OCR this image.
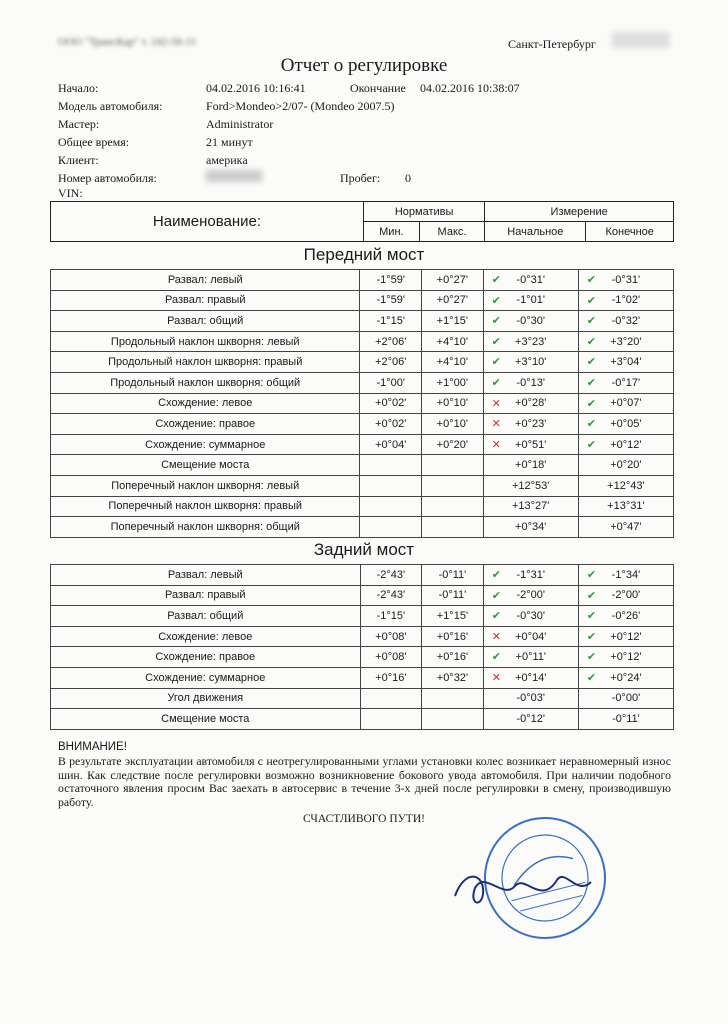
ООО "ТрансКар" т. 242-56-11	Санкт-Петербург
Отчет о регулировке
Начало:	04.02.2016 10:16:41	Окончание 04.02.2016 10:38:07
Модель автомобиля:	Ford>Mondeo>2/07- (Mondeo 2007.5)
Мастер:	Administrator
Общее время:	21 минут
Клиент:	америка
Номер автомобиля:	Пробег: 0
VIN:
Наименование:	Нормативы		Измерение	
	Мин.	Макс.	Начальное	Конечное
Передний мост
Развал: левый	-1°59'	+0°27'	✔ -0°31'	✔ -0°31'
Развал: правый	-1°59'	+0°27'	✔ -1°01'	✔ -1°02'
Развал: общий	-1°15'	+1°15'	✔ -0°30'	✔ -0°32'
Продольный наклон шкворня: левый	+2°06'	+4°10'	✔ +3°23'	✔ +3°20'
Продольный наклон шкворня: правый	+2°06'	+4°10'	✔ +3°10'	✔ +3°04'
Продольный наклон шкворня: общий	-1°00'	+1°00'	✔ -0°13'	✔ -0°17'
Схождение: левое	+0°02'	+0°10'	✕ +0°28'	✔ +0°07'
Схождение: правое	+0°02'	+0°10'	✕ +0°23'	✔ +0°05'
Схождение: суммарное	+0°04'	+0°20'	✕ +0°51'	✔ +0°12'
Смещение моста			+0°18'	+0°20'
Поперечный наклон шкворня: левый			+12°53'	+12°43'
Поперечный наклон шкворня: правый			+13°27'	+13°31'
Поперечный наклон шкворня: общий			+0°34'	+0°47'
Задний мост
Развал: левый	-2°43'	-0°11'	✔ -1°31'	✔ -1°34'
Развал: правый	-2°43'	-0°11'	✔ -2°00'	✔ -2°00'
Развал: общий	-1°15'	+1°15'	✔ -0°30'	✔ -0°26'
Схождение: левое	+0°08'	+0°16'	✕ +0°04'	✔ +0°12'
Схождение: правое	+0°08'	+0°16'	✔ +0°11'	✔ +0°12'
Схождение: суммарное	+0°16'	+0°32'	✕ +0°14'	✔ +0°24'
Угол движения			-0°03'	-0°00'
Смещение моста			-0°12'	-0°11'
ВНИМАНИЕ!
В результате эксплуатации автомобиля с неотрегулированными углами установки колес возникает неравномерный износ шин. Как следствие после регулировки возможно возникновение бокового увода автомобиля. При наличии подобного остаточного явления просим Вас заехать в автосервис в течение 3-х дней после регулировки в смену, производившую работу.
СЧАСТЛИВОГО ПУТИ!
